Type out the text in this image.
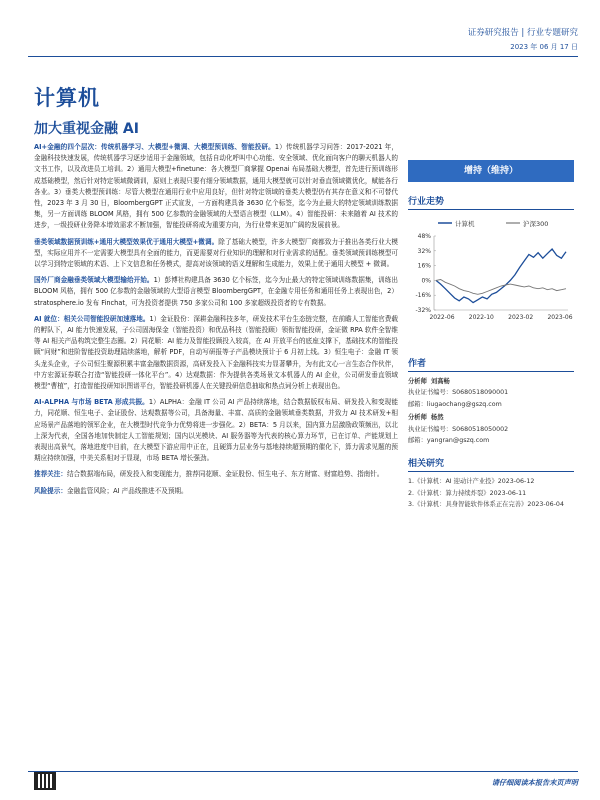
证券研究报告 | 行业专题研究
2023 年 06 月 17 日
计算机
加大重视金融 AI
AI+金融的四个层次：传统机器学习、大模型+微调、大模型预训练、智能投研。1）传统机器学习问答：2017-2021 年，金融科技快速发展，传统机器学习逐步适用于金融领域，包括自动化呼叫中心功能、安全领域、优化面向客户的聊天机器人的文书工作，以及改进员工培训。2）通用大模型+finetune：各大模型厂商掌握 Openai 布局基础大模型，首先进行预训练形成基础模型，然后针对特定领域微调训，原则上表现只要有细分领域数据，通用大模型就可以针对垂直领域微优化，赋能各行各业。3）垂类大模型预训练：尽管大模型在通用行业中应用良好，但针对特定领域的垂类大模型仍有其存在意义和不可替代性，2023 年 3 月 30 日，BloombergGPT 正式宣发，一方面构建具备 3630 亿个标签，迄今为止最大的特定领域训练数据集，另一方面训练 BLOOM 风格，拥有 500 亿参数的金融领域的大型语言模型（LLM）。4）智能投研：未来随着 AI 技术的进步，一级投研业务降本增效需求不断加强，智能投研将成为重要方向，为行业带来更加广阔的发展前景。
垂类领域数据预训练+通用大模型效果优于通用大模型+微调。除了基础大模型，许多大模型厂商都致力于推出各类行业大模型，实际应用并不一定需要大模型具有全面的能力，而更需要对行业知识的理解和对行业需求的适配。垂类领域预训练模型可以学习到特定领域的术语、上下文信息和任务模式，提高对该领域的语义理解和生成能力，效果上优于通用大模型 + 微调。
国外厂商金融垂类领域大模型输给开始。1）彭博社构建具备 3630 亿个标签，迄今为止最大的特定领域训练数据集，训练出 BLOOM 风格，拥有 500 亿参数的金融领域的大型语言模型 BloombergGPT，在金融专用任务和通用任务上表现出色，2）stratosphere.io 发布 Finchat，可为投资者提供 750 多家公司和 100 多家超级投资者的专有数据。
AI 就位：相关公司智能投研加速落地。1）金证股份：深耕金融科技多年，研发技术平台生态链完整，在前瞻人工智能官费载的孵队下，AI 能力快速发展，子公司固海保金（智能投资）和优品科技（智能投顾）领衔智能投研，金证微 RPA 软件全智维等 AI 相关产品构筑完整生态圈。2）同花顺：AI 能力及智能投顾投入较高，在 AI 开放平台的底座支撑下，基础技术的智能投顾“问财”和进阶智能投资助理陆续落地，解析 PDF，自动写研报等子产品模块预计于 6 月初上线。3）恒生电子：金融 IT 领头龙头企业，子公司恒生聚源积累丰富金融数据资源，高研发投入下金融科技实力显著攀升，为有此文心一言生态合作伙伴，中方宏源证券联合打造“智能投研一体化平台”。4）达观数据：作为提供各类场景文本机器人的 AI 企业，公司研发垂直领域模型“曹植”，打造智能投研知识图谱平台，智能投研机器人在关键投研信息抽取和热点词分析上表现出色。
AI-ALPHA 与市场 BETA 形成共振。1）ALPHA：金融 IT 公司 AI 产品持续落地，结合数据版权布局、研发投入和变现能力，同花顺、恒生电子、金证股份、达观数据等公司，具备海量、丰富、高质的金融领域垂类数据，并致力 AI 技术研发+相应场景产品落地的领军企业，在大模型时代竞争力优势将进一步强化。2）BETA：5 月以来，国内算力层激励政策频出，以北上深为代表，全国各地加快制定人工智能规划；国内以光模块、AI 服务器等为代表的核心算力环节，已在订单、产能规划上表现出高景气，落地进度中目前，在大模型下游应用中正在，且硬算力层业务与基地持续超预期的催化下，算力需求见题的预期应持续加强，中美关系相对于显现，市场 BETA 增长强劲。
推荐关注：结合数据端布局，研发投入和变现能力，推荐同花顺、金证股份、恒生电子、东方财富、财富趋势、指南针。
风险提示：金融监管风险；AI 产品线推进不及预期。
增持（维持）
行业走势
计算机	沪深300
48%
32%
16%
0%
-16%
-32%
2022-06 2022-10 2023-02 2023-06
作者
分析师 刘高畅
执业证书编号：S0680518090001
邮箱：liugaochang@gszq.com
分析师 杨然
执业证书编号：S0680518050002
邮箱：yangran@gszq.com
相关研究
1.《计算机：AI 迎动计产业投》2023-06-12
2.《计算机：算力持续炸裂》2023-06-11
3.《计算机：具身智能软件体系正在完善》2023-06-04
请仔细阅读本报告末页声明
